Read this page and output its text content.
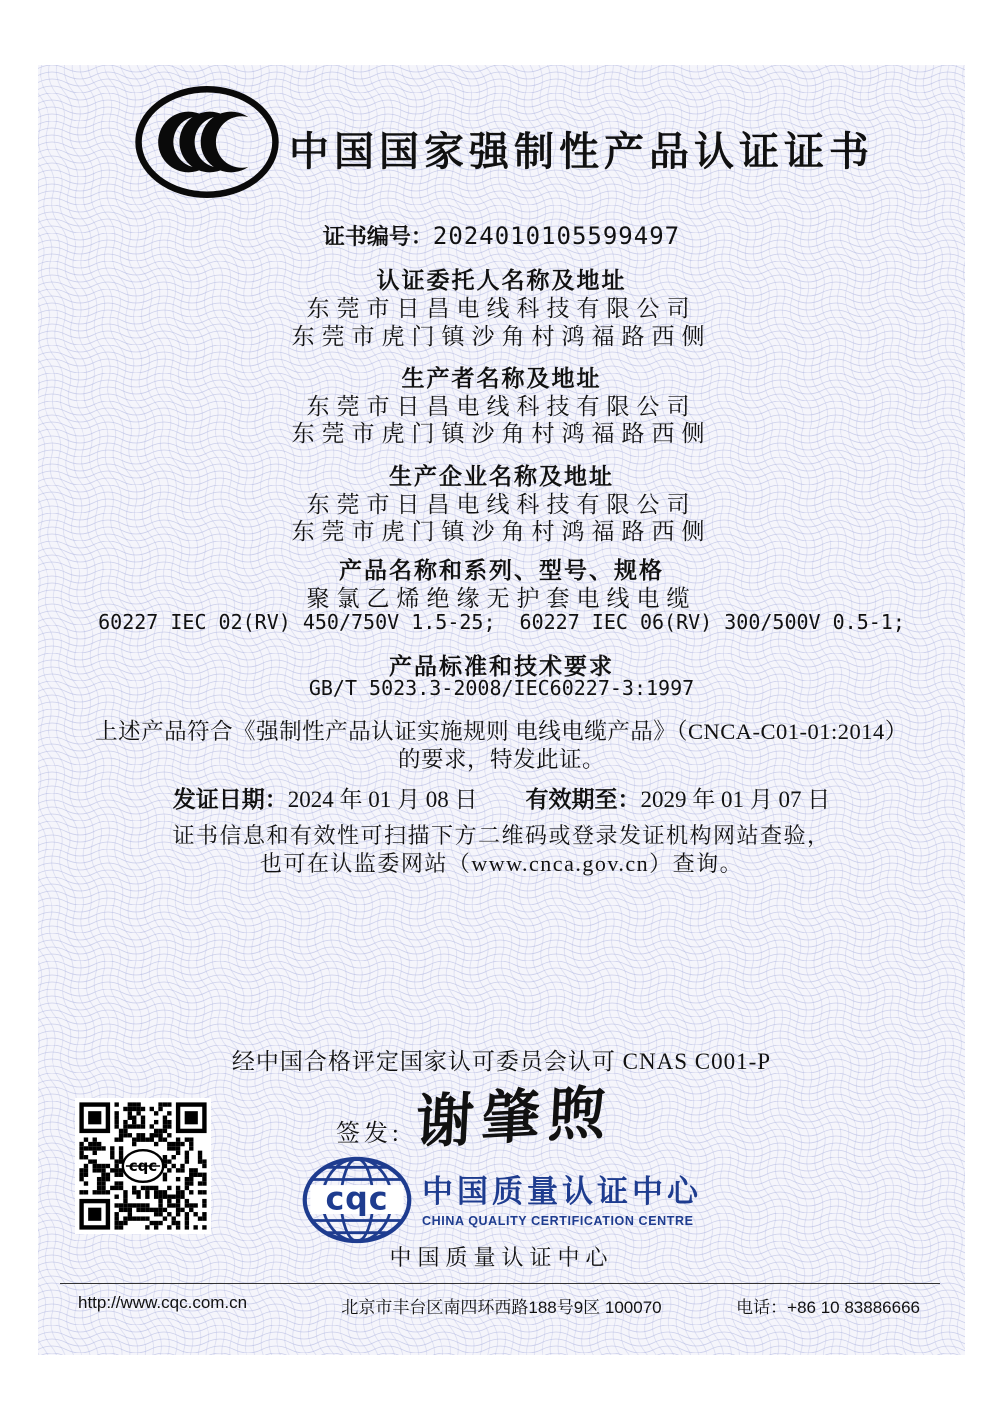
中国国家强制性产品认证证书
证书编号：2024010105599497
认证委托人名称及地址
东莞市日昌电线科技有限公司
东莞市虎门镇沙角村鸿福路西侧
生产者名称及地址
东莞市日昌电线科技有限公司
东莞市虎门镇沙角村鸿福路西侧
生产企业名称及地址
东莞市日昌电线科技有限公司
东莞市虎门镇沙角村鸿福路西侧
产品名称和系列、型号、规格
聚氯乙烯绝缘无护套电线电缆
60227 IEC 02(RV) 450/750V 1.5-25;  60227 IEC 06(RV) 300/500V 0.5-1;
产品标准和技术要求
GB/T 5023.3-2008/IEC60227-3:1997
上述产品符合《强制性产品认证实施规则 电线电缆产品》（CNCA-C01-01:2014）
的要求，特发此证。
发证日期：2024 年 01 月 08 日 有效期至：2029 年 01 月 07 日
证书信息和有效性可扫描下方二维码或登录发证机构网站查验，
也可在认监委网站（www.cnca.gov.cn）查询。
经中国合格评定国家认可委员会认可 CNAS C001-P
cqc
签发: 谢肇煦
cqc 中国质量认证中心
CHINA QUALITY CERTIFICATION CENTRE
中国质量认证中心
http://www.cqc.com.cn	北京市丰台区南四环西路188号9区 100070	电话：+86 10 83886666
